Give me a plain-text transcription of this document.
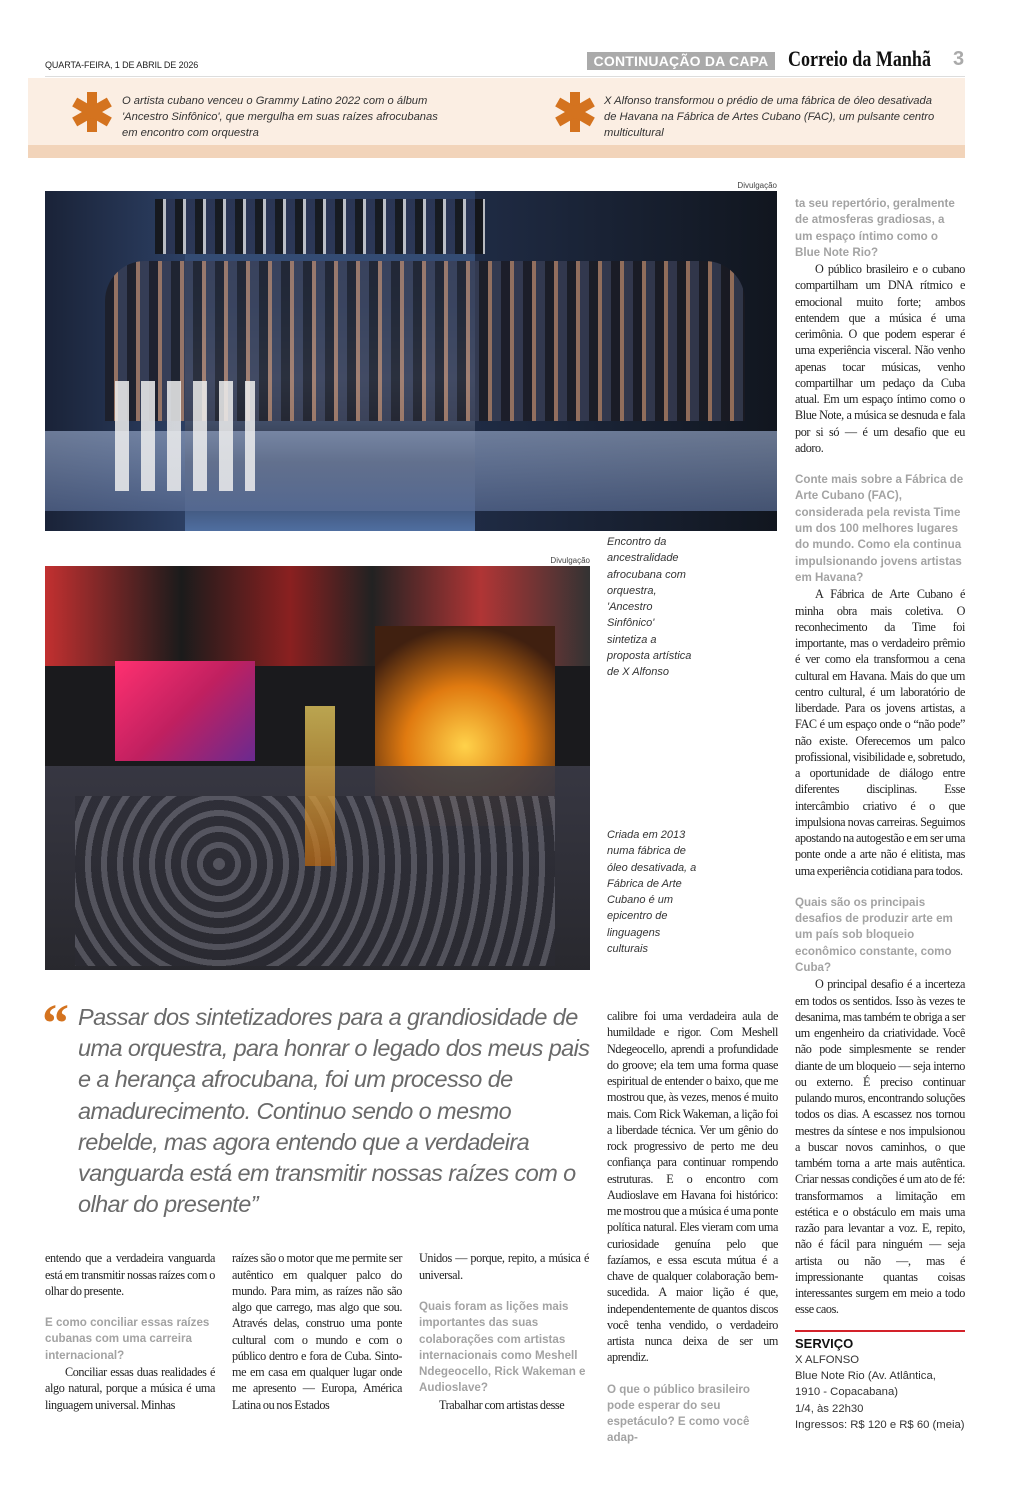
QUARTA-FEIRA, 1 DE ABRIL DE 2026	CONTINUAÇÃO DA CAPA Correio da Manhã 3
O artista cubano venceu o Grammy Latino 2022 com o álbum 'Ancestro Sinfônico', que mergulha em suas raízes afrocubanas em encontro com orquestra
X Alfonso transformou o prédio de uma fábrica de óleo desativada de Havana na Fábrica de Artes Cubano (FAC), um pulsante centro multicultural
Divulgação
Divulgação
Encontro da ancestralidade afrocubana com orquestra, 'Ancestro Sinfônico' sintetiza a proposta artística de X Alfonso
Criada em 2013 numa fábrica de óleo desativada, a Fábrica de Arte Cubano é um epicentro de linguagens culturais
“ Passar dos sintetizadores para a grandiosidade de uma orquestra, para honrar o legado dos meus pais e a herança afrocubana, foi um processo de amadurecimento. Continuo sendo o mesmo rebelde, mas agora entendo que a verdadeira vanguarda está em transmitir nossas raízes com o olhar do presente”

entendo que a verdadeira vanguarda está em transmitir nossas raízes com o olhar do presente.

E como conciliar essas raízes cubanas com uma carreira internacional?

Conciliar essas duas realidades é algo natural, porque a música é uma linguagem universal. Minhas

raízes são o motor que me permite ser autêntico em qualquer palco do mundo. Para mim, as raízes não são algo que carrego, mas algo que sou. Através delas, construo uma ponte cultural com o mundo e com o público dentro e fora de Cuba. Sinto-me em casa em qualquer lugar onde me apresento — Europa, América Latina ou nos Estados

Unidos — porque, repito, a música é universal.

Quais foram as lições mais importantes das suas colaborações com artistas internacionais como Meshell Ndegeocello, Rick Wakeman e Audioslave?

Trabalhar com artistas desse

calibre foi uma verdadeira aula de humildade e rigor. Com Meshell Ndegeocello, aprendi a profundidade do groove; ela tem uma forma quase espiritual de entender o baixo, que me mostrou que, às vezes, menos é muito mais. Com Rick Wakeman, a lição foi a liberdade técnica. Ver um gênio do rock progressivo de perto me deu confiança para continuar rompendo estruturas. E o encontro com Audioslave em Havana foi histórico: me mostrou que a música é uma ponte política natural. Eles vieram com uma curiosidade genuína pelo que fazíamos, e essa escuta mútua é a chave de qualquer colaboração bem-sucedida. A maior lição é que, independentemente de quantos discos você tenha vendido, o verdadeiro artista nunca deixa de ser um aprendiz.

O que o público brasileiro pode esperar do seu espetáculo? E como você adap-
ta seu repertório, geralmente de atmosferas gradiosas, a um espaço íntimo como o Blue Note Rio?

O público brasileiro e o cubano compartilham um DNA rítmico e emocional muito forte; ambos entendem que a música é uma cerimônia. O que podem esperar é uma experiência visceral. Não venho apenas tocar músicas, venho compartilhar um pedaço da Cuba atual. Em um espaço íntimo como o Blue Note, a música se desnuda e fala por si só — é um desafio que eu adoro.

Conte mais sobre a Fábrica de Arte Cubano (FAC), considerada pela revista Time um dos 100 melhores lugares do mundo. Como ela continua impulsionando jovens artistas em Havana?

A Fábrica de Arte Cubano é minha obra mais coletiva. O reconhecimento da Time foi importante, mas o verdadeiro prêmio é ver como ela transformou a cena cultural em Havana. Mais do que um centro cultural, é um laboratório de liberdade. Para os jovens artistas, a FAC é um espaço onde o “não pode” não existe. Oferecemos um palco profissional, visibilidade e, sobretudo, a oportunidade de diálogo entre diferentes disciplinas. Esse intercâmbio criativo é o que impulsiona novas carreiras. Seguimos apostando na autogestão e em ser uma ponte onde a arte não é elitista, mas uma experiência cotidiana para todos.

Quais são os principais desafios de produzir arte em um país sob bloqueio econômico constante, como Cuba?

O principal desafio é a incerteza em todos os sentidos. Isso às vezes te desanima, mas também te obriga a ser um engenheiro da criatividade. Você não pode simplesmente se render diante de um bloqueio — seja interno ou externo. É preciso continuar pulando muros, encontrando soluções todos os dias. A escassez nos tornou mestres da síntese e nos impulsionou a buscar novos caminhos, o que também torna a arte mais autêntica. Criar nessas condições é um ato de fé: transformamos a limitação em estética e o obstáculo em mais uma razão para levantar a voz. E, repito, não é fácil para ninguém — seja artista ou não —, mas é impressionante quantas coisas interessantes surgem em meio a todo esse caos.

SERVIÇO
X ALFONSO
Blue Note Rio (Av. Atlântica, 1910 - Copacabana)
1/4, às 22h30
Ingressos: R$ 120 e R$ 60 (meia)
